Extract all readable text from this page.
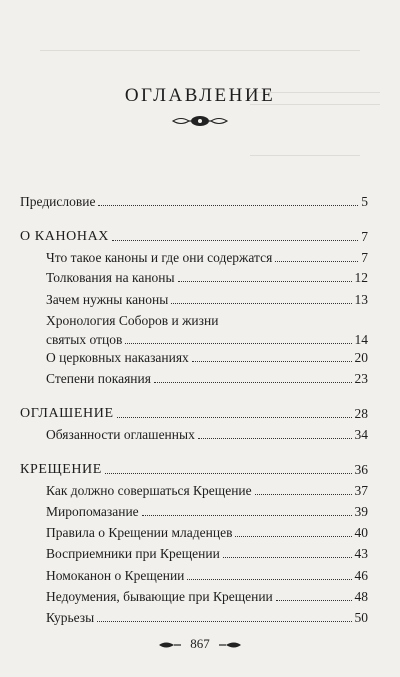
ОГЛАВЛЕНИЕ
Предисловие	5
О КАНОНАХ	7
Что такое каноны и где они содержатся	7
Толкования на каноны	12
Зачем нужны каноны	13
Хронология Соборов и жизни
святых отцов	14
О церковных наказаниях	20
Степени покаяния	23
ОГЛАШЕНИЕ	28
Обязанности оглашенных	34
КРЕЩЕНИЕ	36
Как должно совершаться Крещение	37
Миропомазание	39
Правила о Крещении младенцев	40
Восприемники при Крещении	43
Номоканон о Крещении	46
Недоумения, бывающие при Крещении	48
Курьезы	50
867
